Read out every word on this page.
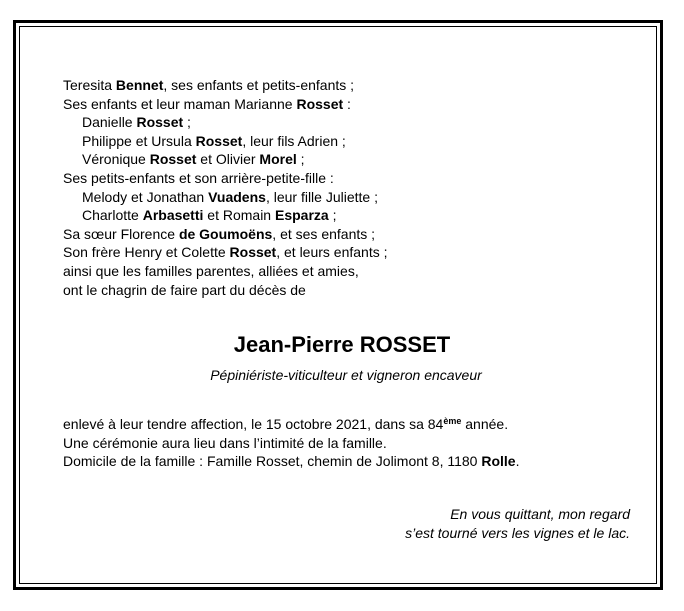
Teresita Bennet, ses enfants et petits-enfants ;
Ses enfants et leur maman Marianne Rosset :
Danielle Rosset ;
Philippe et Ursula Rosset, leur fils Adrien ;
Véronique Rosset et Olivier Morel ;
Ses petits-enfants et son arrière-petite-fille :
Melody et Jonathan Vuadens, leur fille Juliette ;
Charlotte Arbasetti et Romain Esparza ;
Sa sœur Florence de Goumoëns, et ses enfants ;
Son frère Henry et Colette Rosset, et leurs enfants ;
ainsi que les familles parentes, alliées et amies,
ont le chagrin de faire part du décès de
Jean-Pierre ROSSET
Pépiniériste-viticulteur et vigneron encaveur
enlevé à leur tendre affection, le 15 octobre 2021, dans sa 84ème année.
Une cérémonie aura lieu dans l’intimité de la famille.
Domicile de la famille : Famille Rosset, chemin de Jolimont 8, 1180 Rolle.
En vous quittant, mon regard
s’est tourné vers les vignes et le lac.
